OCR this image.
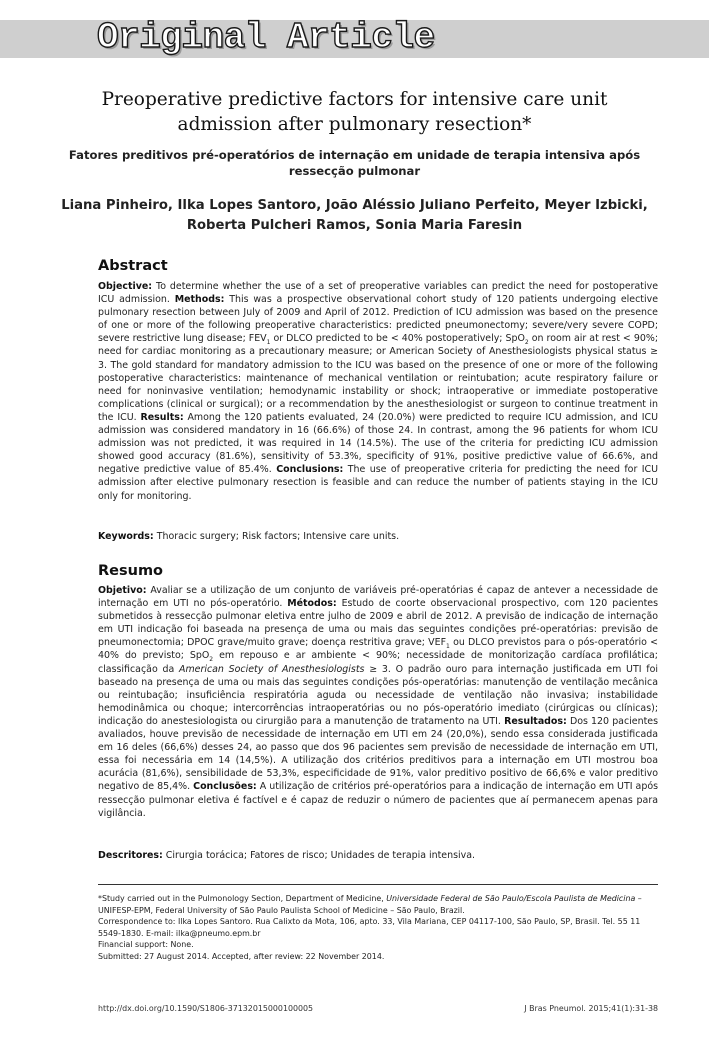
Original Article
Preoperative predictive factors for intensive care unit admission after pulmonary resection*
Fatores preditivos pré-operatórios de internação em unidade de terapia intensiva após ressecção pulmonar

Liana Pinheiro, Ilka Lopes Santoro, João Aléssio Juliano Perfeito, Meyer Izbicki, Roberta Pulcheri Ramos, Sonia Maria Faresin

Abstract

Objective: To determine whether the use of a set of preoperative variables can predict the need for postoperative ICU admission. Methods: This was a prospective observational cohort study of 120 patients undergoing elective pulmonary resection between July of 2009 and April of 2012. Prediction of ICU admission was based on the presence of one or more of the following preoperative characteristics: predicted pneumonectomy; severe/very severe COPD; severe restrictive lung disease; $FEV_1$ or DLCO predicted to be < 40% postoperatively; SpO$_2$ on room air at rest < 90%; need for cardiac monitoring as a precautionary measure; or American Society of Anesthesiologists physical status ≥ 3. The gold standard for mandatory admission to the ICU was based on the presence of one or more of the following postoperative characteristics: maintenance of mechanical ventilation or reintubation; acute respiratory failure or need for noninvasive ventilation; hemodynamic instability or shock; intraoperative or immediate postoperative complications (clinical or surgical); or a recommendation by the anesthesiologist or surgeon to continue treatment in the ICU. Results: Among the 120 patients evaluated, 24 (20.0%) were predicted to require ICU admission, and ICU admission was considered mandatory in 16 (66.6%) of those 24. In contrast, among the 96 patients for whom ICU admission was not predicted, it was required in 14 (14.5%). The use of the criteria for predicting ICU admission showed good accuracy (81.6%), sensitivity of 53.3%, specificity of 91%, positive predictive value of 66.6%, and negative predictive value of 85.4%. Conclusions: The use of preoperative criteria for predicting the need for ICU admission after elective pulmonary resection is feasible and can reduce the number of patients staying in the ICU only for monitoring.

Keywords: Thoracic surgery; Risk factors; Intensive care units.

Resumo

Objetivo: Avaliar se a utilização de um conjunto de variáveis pré-operatórias é capaz de antever a necessidade de internação em UTI no pós-operatório. Métodos: Estudo de coorte observacional prospectivo, com 120 pacientes submetidos à ressecção pulmonar eletiva entre julho de 2009 e abril de 2012. A previsão de indicação de internação em UTI indicação foi baseada na presença de uma ou mais das seguintes condições pré-operatórias: previsão de pneumonectomia; DPOC grave/muito grave; doença restritiva grave; $VEF_1$ ou DLCO previstos para o pós-operatório < 40% do previsto; SpO$_2$ em repouso e ar ambiente < 90%; necessidade de monitorização cardíaca profilática; classificação da American Society of Anesthesiologists ≥ 3. O padrão ouro para internação justificada em UTI foi baseado na presença de uma ou mais das seguintes condições pós-operatórias: manutenção de ventilação mecânica ou reintubação; insuficiência respiratória aguda ou necessidade de ventilação não invasiva; instabilidade hemodinâmica ou choque; intercorrências intraoperatórias ou no pós-operatório imediato (cirúrgicas ou clínicas); indicação do anestesiologista ou cirurgião para a manutenção de tratamento na UTI. Resultados: Dos 120 pacientes avaliados, houve previsão de necessidade de internação em UTI em 24 (20,0%), sendo essa considerada justificada em 16 deles (66,6%) desses 24, ao passo que dos 96 pacientes sem previsão de necessidade de internação em UTI, essa foi necessária em 14 (14,5%). A utilização dos critérios preditivos para a internação em UTI mostrou boa acurácia (81,6%), sensibilidade de 53,3%, especificidade de 91%, valor preditivo positivo de 66,6% e valor preditivo negativo de 85,4%. Conclusões: A utilização de critérios pré-operatórios para a indicação de internação em UTI após ressecção pulmonar eletiva é factível e é capaz de reduzir o número de pacientes que aí permanecem apenas para vigilância.

Descritores: Cirurgia torácica; Fatores de risco; Unidades de terapia intensiva.

*Study carried out in the Pulmonology Section, Department of Medicine, Universidade Federal de São Paulo/Escola Paulista de Medicina – UNIFESP-EPM, Federal University of São Paulo Paulista School of Medicine – São Paulo, Brazil.

Correspondence to: Ilka Lopes Santoro. Rua Calixto da Mota, 106, apto. 33, Vila Mariana, CEP 04117-100, São Paulo, SP, Brasil. Tel. 55 11 5549-1830. E-mail: ilka@pneumo.epm.br

Financial support: None.

Submitted: 27 August 2014. Accepted, after review: 22 November 2014.

http://dx.doi.org/10.1590/S1806-37132015000100005	J Bras Pneumol. 2015;41(1):31-38
